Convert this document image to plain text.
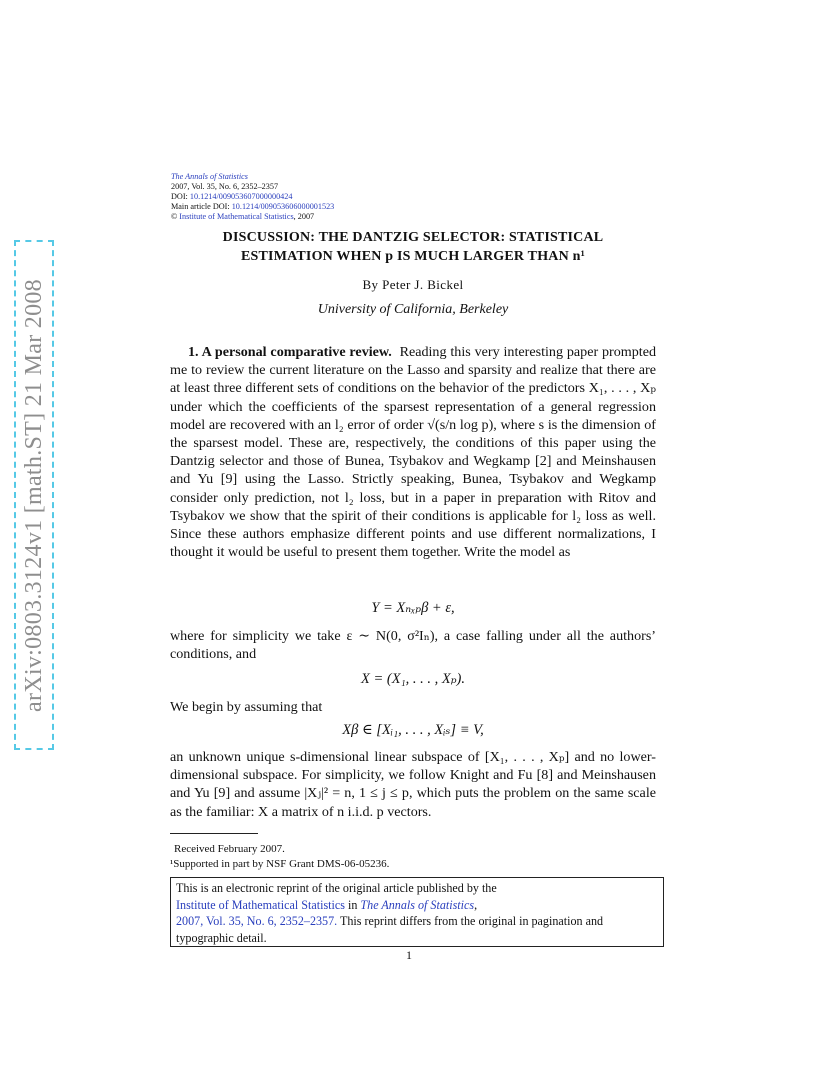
arXiv:0803.3124v1 [math.ST] 21 Mar 2008
The Annals of Statistics
2007, Vol. 35, No. 6, 2352–2357
DOI: 10.1214/009053607000000424
Main article DOI: 10.1214/009053606000001523
© Institute of Mathematical Statistics, 2007
DISCUSSION: THE DANTZIG SELECTOR: STATISTICAL
ESTIMATION WHEN p IS MUCH LARGER THAN n¹
By Peter J. Bickel
University of California, Berkeley
1. A personal comparative review. Reading this very interesting paper prompted me to review the current literature on the Lasso and sparsity and realize that there are at least three different sets of conditions on the behavior of the predictors X₁, . . . , Xₚ under which the coefficients of the sparsest representation of a general regression model are recovered with an l₂ error of order √(s/n log p), where s is the dimension of the sparsest model. These are, respectively, the conditions of this paper using the Dantzig selector and those of Bunea, Tsybakov and Wegkamp [2] and Meinshausen and Yu [9] using the Lasso. Strictly speaking, Bunea, Tsybakov and Wegkamp consider only prediction, not l₂ loss, but in a paper in preparation with Ritov and Tsybakov we show that the spirit of their conditions is applicable for l₂ loss as well. Since these authors emphasize different points and use different normalizations, I thought it would be useful to present them together. Write the model as
Y = Xₙₓₚβ + ε,
where for simplicity we take ε ∼ N(0, σ²Iₙ), a case falling under all the authors’ conditions, and
X = (X₁, . . . , Xₚ).
We begin by assuming that
Xβ ∈ [Xᵢ₁, . . . , Xᵢₛ] ≡ V,
an unknown unique s-dimensional linear subspace of [X₁, . . . , Xₚ] and no lower-dimensional subspace. For simplicity, we follow Knight and Fu [8] and Meinshausen and Yu [9] and assume |Xⱼ|² = n, 1 ≤ j ≤ p, which puts the problem on the same scale as the familiar: X a matrix of n i.i.d. p vectors.
Received February 2007.
¹Supported in part by NSF Grant DMS-06-05236.
This is an electronic reprint of the original article published by the
Institute of Mathematical Statistics in The Annals of Statistics,
2007, Vol. 35, No. 6, 2352–2357. This reprint differs from the original in pagination and typographic detail.
1
